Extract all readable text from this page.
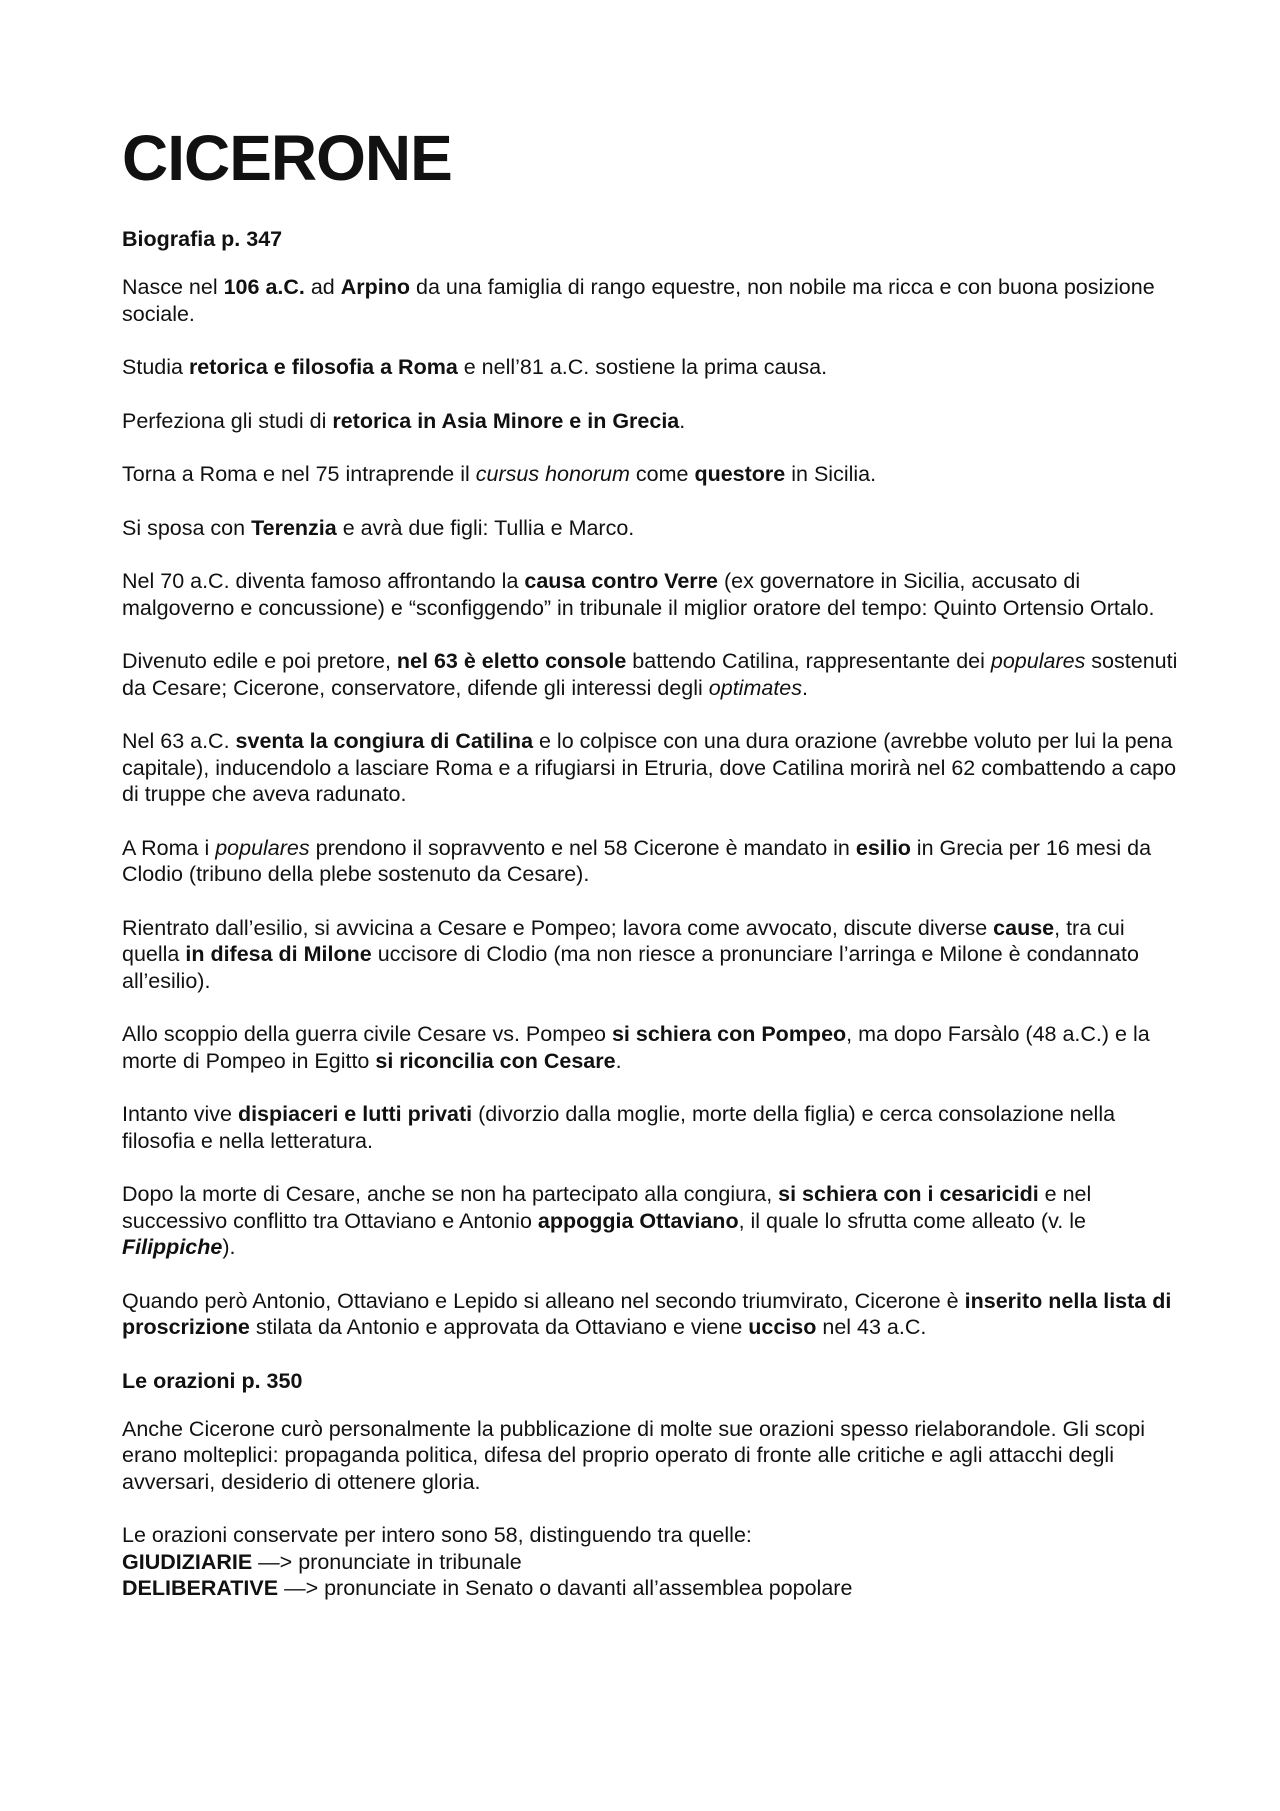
CICERONE
Biografia p. 347

Nasce nel 106 a.C. ad Arpino da una famiglia di rango equestre, non nobile ma ricca e con buona posizione sociale.

Studia retorica e filosofia a Roma e nell’81 a.C. sostiene la prima causa.

Perfeziona gli studi di retorica in Asia Minore e in Grecia.

Torna a Roma e nel 75 intraprende il cursus honorum come questore in Sicilia.

Si sposa con Terenzia e avrà due figli: Tullia e Marco.

Nel 70 a.C. diventa famoso affrontando la causa contro Verre (ex governatore in Sicilia, accusato di malgoverno e concussione) e “sconfiggendo” in tribunale il miglior oratore del tempo: Quinto Ortensio Ortalo.

Divenuto edile e poi pretore, nel 63 è eletto console battendo Catilina, rappresentante dei populares sostenuti da Cesare; Cicerone, conservatore, difende gli interessi degli optimates.

Nel 63 a.C. sventa la congiura di Catilina e lo colpisce con una dura orazione (avrebbe voluto per lui la pena capitale), inducendolo a lasciare Roma e a rifugiarsi in Etruria, dove Catilina morirà nel 62 combattendo a capo di truppe che aveva radunato.

A Roma i populares prendono il sopravvento e nel 58 Cicerone è mandato in esilio in Grecia per 16 mesi da Clodio (tribuno della plebe sostenuto da Cesare).

Rientrato dall’esilio, si avvicina a Cesare e Pompeo; lavora come avvocato, discute diverse cause, tra cui quella in difesa di Milone uccisore di Clodio (ma non riesce a pronunciare l’arringa e Milone è condannato all’esilio).

Allo scoppio della guerra civile Cesare vs. Pompeo si schiera con Pompeo, ma dopo Farsàlo (48 a.C.) e la morte di Pompeo in Egitto si riconcilia con Cesare.

Intanto vive dispiaceri e lutti privati (divorzio dalla moglie, morte della figlia) e cerca consolazione nella filosofia e nella letteratura.

Dopo la morte di Cesare, anche se non ha partecipato alla congiura, si schiera con i cesaricidi e nel successivo conflitto tra Ottaviano e Antonio appoggia Ottaviano, il quale lo sfrutta come alleato (v. le Filippiche).

Quando però Antonio, Ottaviano e Lepido si alleano nel secondo triumvirato, Cicerone è inserito nella lista di proscrizione stilata da Antonio e approvata da Ottaviano e viene ucciso nel 43 a.C.

Le orazioni p. 350

Anche Cicerone curò personalmente la pubblicazione di molte sue orazioni spesso rielaborandole. Gli scopi erano molteplici: propaganda politica, difesa del proprio operato di fronte alle critiche e agli attacchi degli avversari, desiderio di ottenere gloria.

Le orazioni conservate per intero sono 58, distinguendo tra quelle:
GIUDIZIARIE —> pronunciate in tribunale
DELIBERATIVE —> pronunciate in Senato o davanti all’assemblea popolare
